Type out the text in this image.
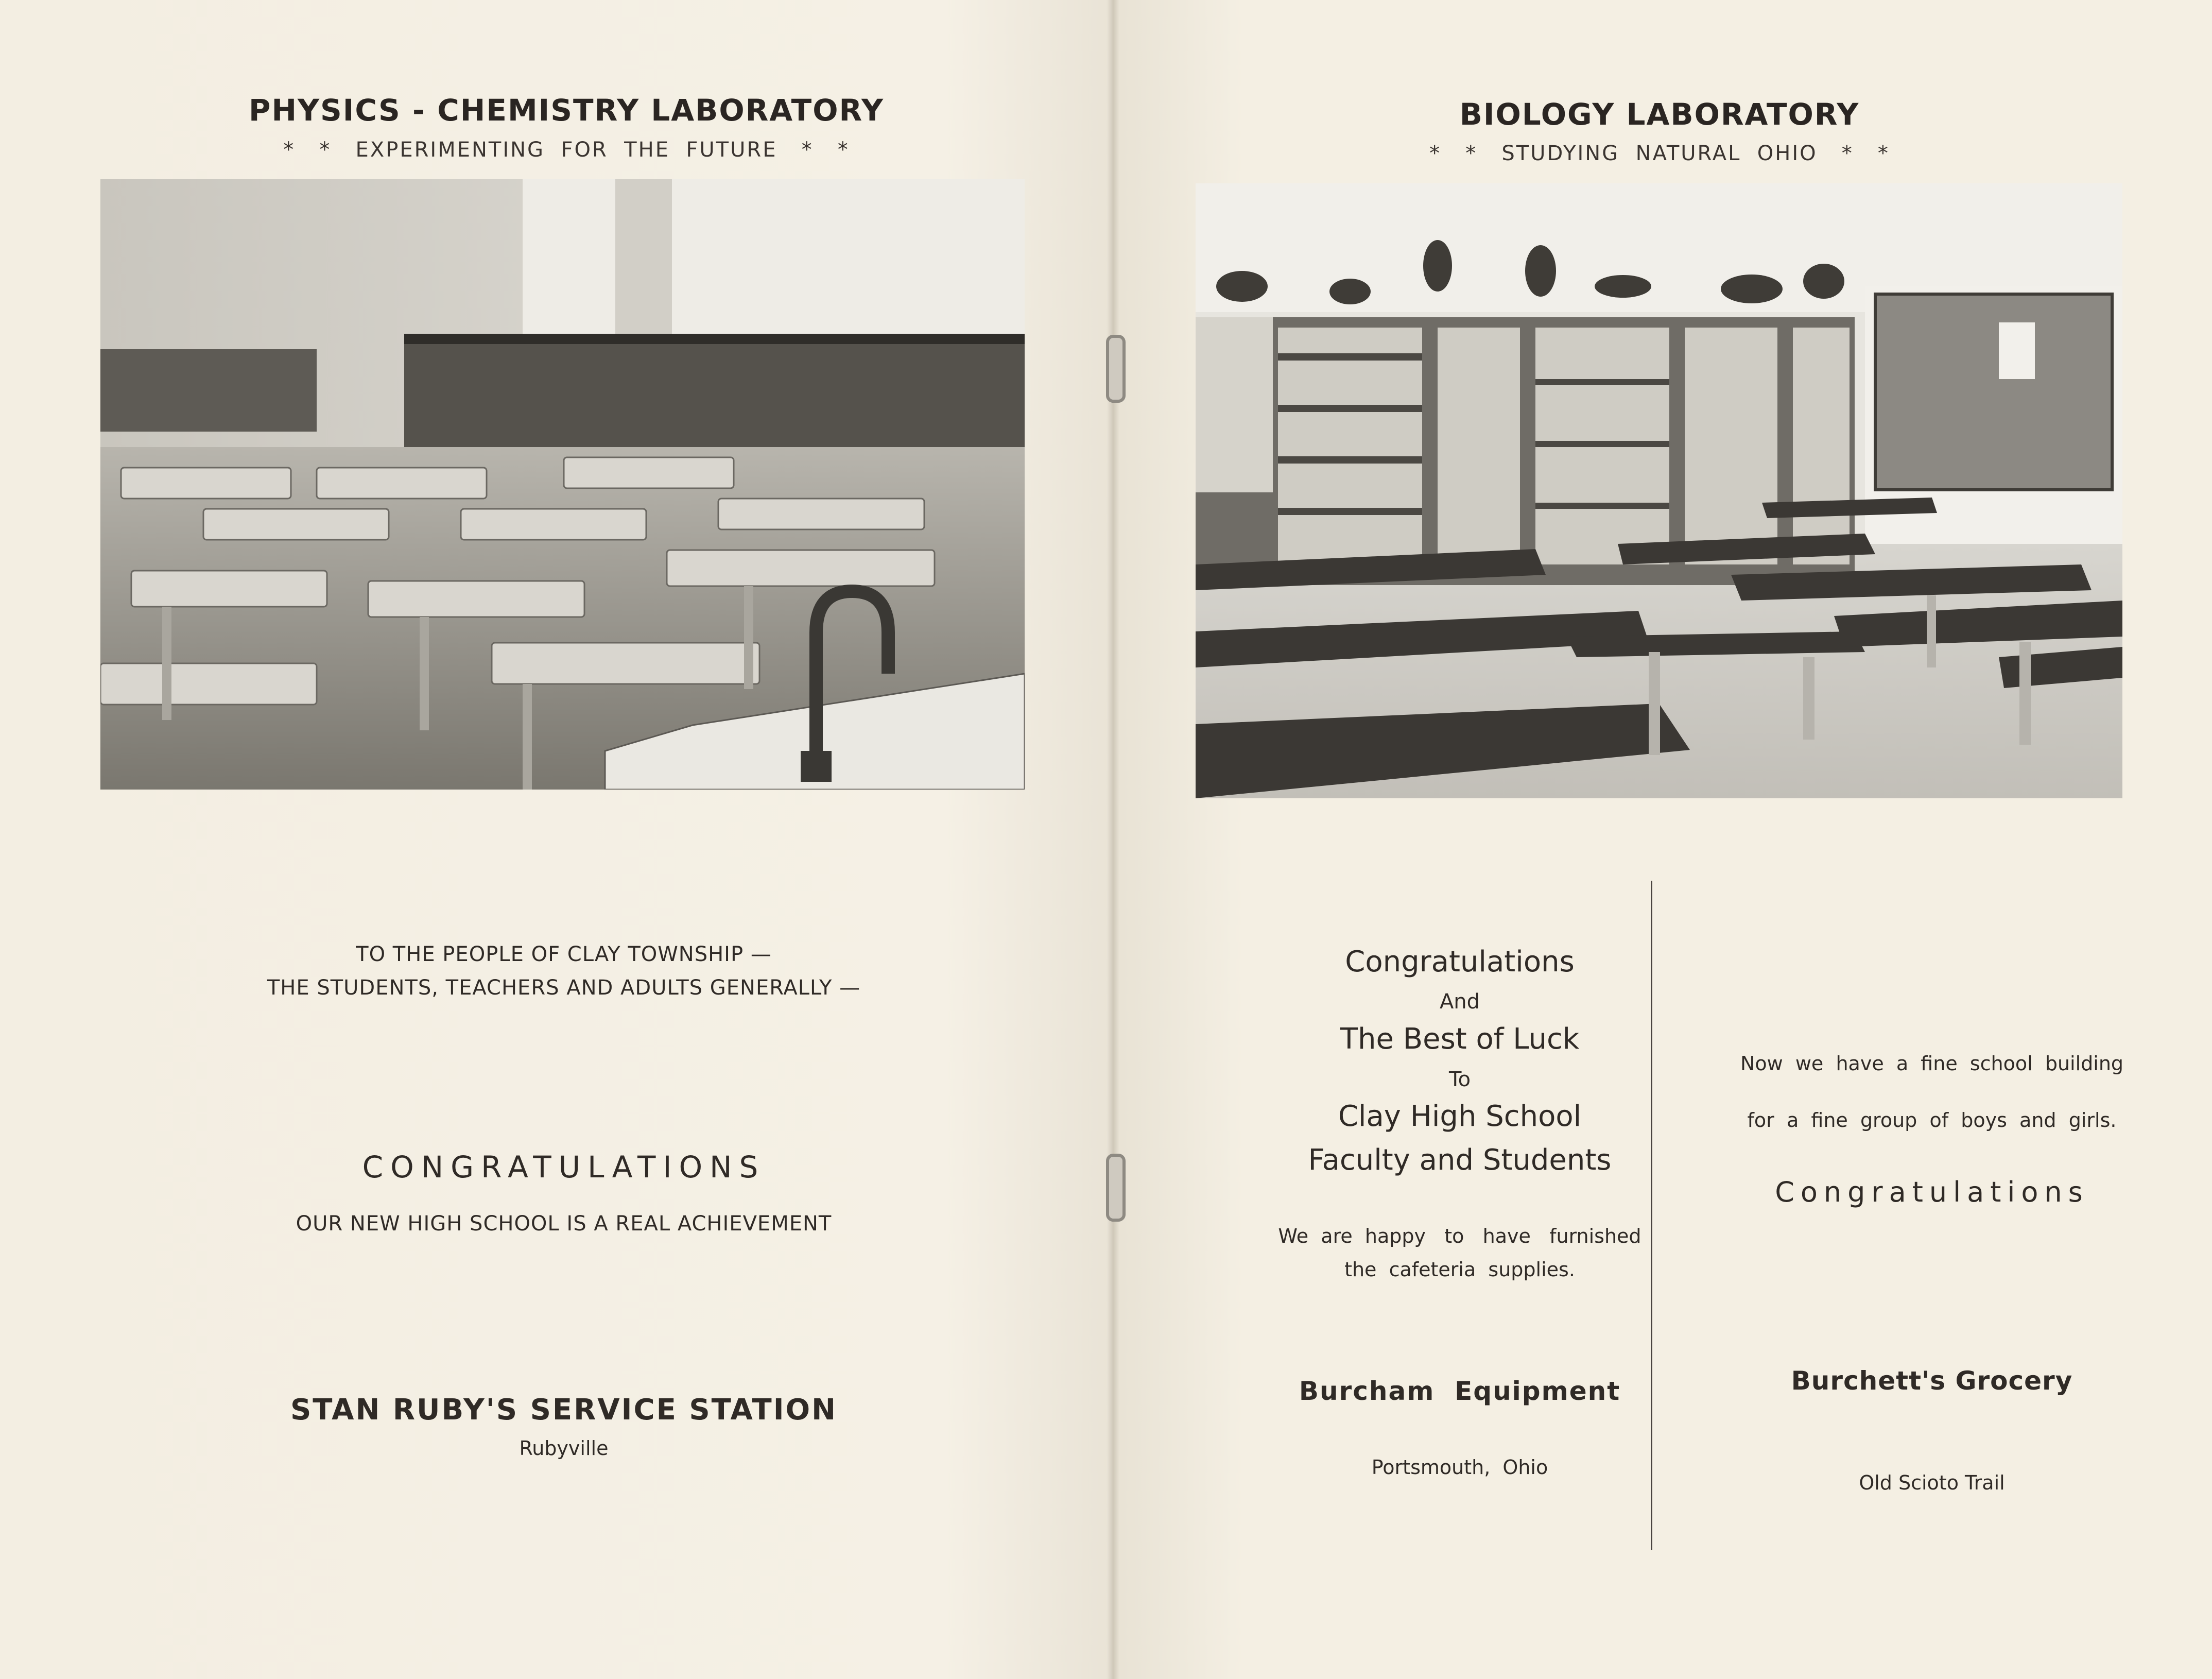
PHYSICS - CHEMISTRY LABORATORY
*   *   EXPERIMENTING  FOR  THE  FUTURE   *   *
TO THE PEOPLE OF CLAY TOWNSHIP —
THE STUDENTS, TEACHERS AND ADULTS GENERALLY —
CONGRATULATIONS
OUR NEW HIGH SCHOOL IS A REAL ACHIEVEMENT
STAN RUBY'S SERVICE STATION
Rubyville
BIOLOGY LABORATORY
*   *   STUDYING  NATURAL  OHIO   *   *
Congratulations
And
The Best of Luck
To
Clay High School
Faculty and Students
We  are  happy   to   have   furnished
the  cafeteria  supplies.
Burcham  Equipment
Portsmouth,  Ohio
Now  we  have  a  fine  school  building
for  a  fine  group  of  boys  and  girls.
Congratulations
Burchett's Grocery
Old Scioto Trail
